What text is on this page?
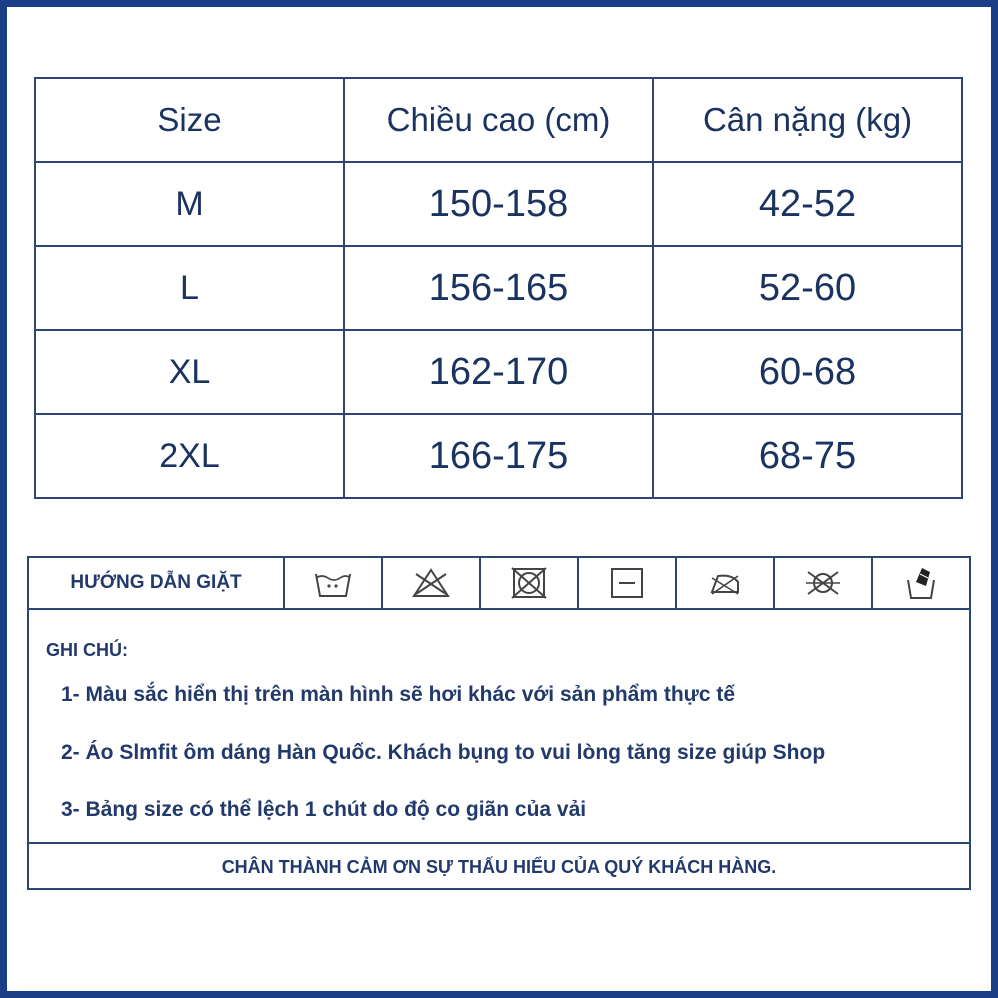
Size	Chiều cao (cm)	Cân nặng (kg)
M	150-158	42-52
L	156-165	52-60
XL	162-170	60-68
2XL	166-175	68-75
HƯỚNG DẪN GIẶT
GHI CHÚ:
1- Màu sắc hiển thị trên màn hình sẽ hơi khác với sản phẩm thực tế
2- Áo Slmfit ôm dáng Hàn Quốc. Khách bụng to vui lòng tăng size giúp Shop
3- Bảng size có thể lệch 1 chút do độ co giãn của vải
CHÂN THÀNH CẢM ƠN SỰ THẤU HIỂU CỦA QUÝ KHÁCH HÀNG.
